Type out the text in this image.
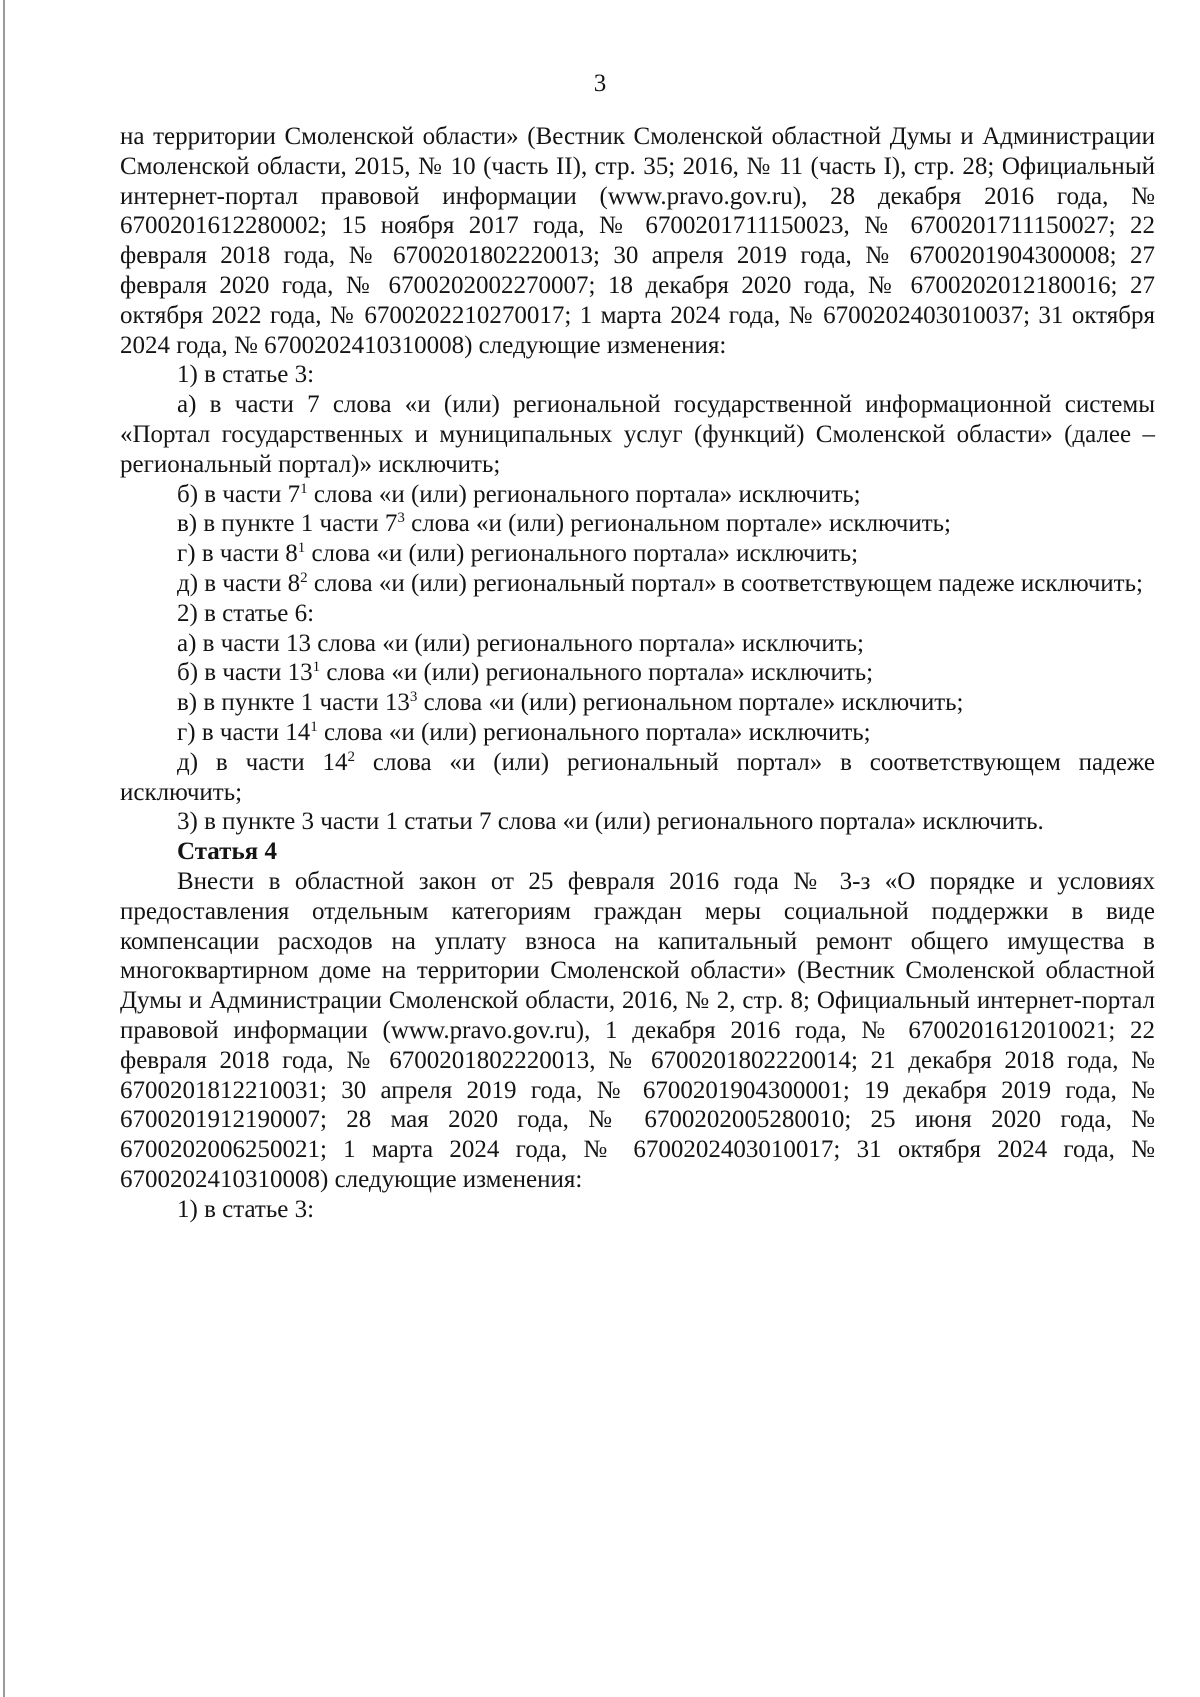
3

на территории Смоленской области» (Вестник Смоленской областной Думы и Администрации Смоленской области, 2015, № 10 (часть II), стр. 35; 2016, № 11 (часть I), стр. 28; Официальный интернет-портал правовой информации (www.pravo.gov.ru), 28 декабря 2016 года, № 6700201612280002; 15 ноября 2017 года, № 6700201711150023, № 6700201711150027; 22 февраля 2018 года, № 6700201802220013; 30 апреля 2019 года, № 6700201904300008; 27 февраля 2020 года, № 6700202002270007; 18 декабря 2020 года, № 6700202012180016; 27 октября 2022 года, № 6700202210270017; 1 марта 2024 года, № 6700202403010037; 31 октября 2024 года, № 6700202410310008) следующие изменения:

1) в статье 3:

а) в части 7 слова «и (или) региональной государственной информационной системы «Портал государственных и муниципальных услуг (функций) Смоленской области» (далее – региональный портал)» исключить;

б) в части $7^1$ слова «и (или) регионального портала» исключить;

в) в пункте 1 части $7^3$ слова «и (или) региональном портале» исключить;

г) в части $8^1$ слова «и (или) регионального портала» исключить;

д) в части $8^2$ слова «и (или) региональный портал» в соответствующем падеже исключить;

2) в статье 6:

а) в части 13 слова «и (или) регионального портала» исключить;

б) в части $13^1$ слова «и (или) регионального портала» исключить;

в) в пункте 1 части $13^3$ слова «и (или) региональном портале» исключить;

г) в части $14^1$ слова «и (или) регионального портала» исключить;

д) в части $14^2$ слова «и (или) региональный портал» в соответствующем падеже исключить;

3) в пункте 3 части 1 статьи 7 слова «и (или) регионального портала» исключить.

Статья 4

Внести в областной закон от 25 февраля 2016 года № 3-з «О порядке и условиях предоставления отдельным категориям граждан меры социальной поддержки в виде компенсации расходов на уплату взноса на капитальный ремонт общего имущества в многоквартирном доме на территории Смоленской области» (Вестник Смоленской областной Думы и Администрации Смоленской области, 2016, № 2, стр. 8; Официальный интернет-портал правовой информации (www.pravo.gov.ru), 1 декабря 2016 года, № 6700201612010021; 22 февраля 2018 года, № 6700201802220013, № 6700201802220014; 21 декабря 2018 года, № 6700201812210031; 30 апреля 2019 года, № 6700201904300001; 19 декабря 2019 года, № 6700201912190007; 28 мая 2020 года, № 6700202005280010; 25 июня 2020 года, № 6700202006250021; 1 марта 2024 года, № 6700202403010017; 31 октября 2024 года, № 6700202410310008) следующие изменения:

1) в статье 3:
